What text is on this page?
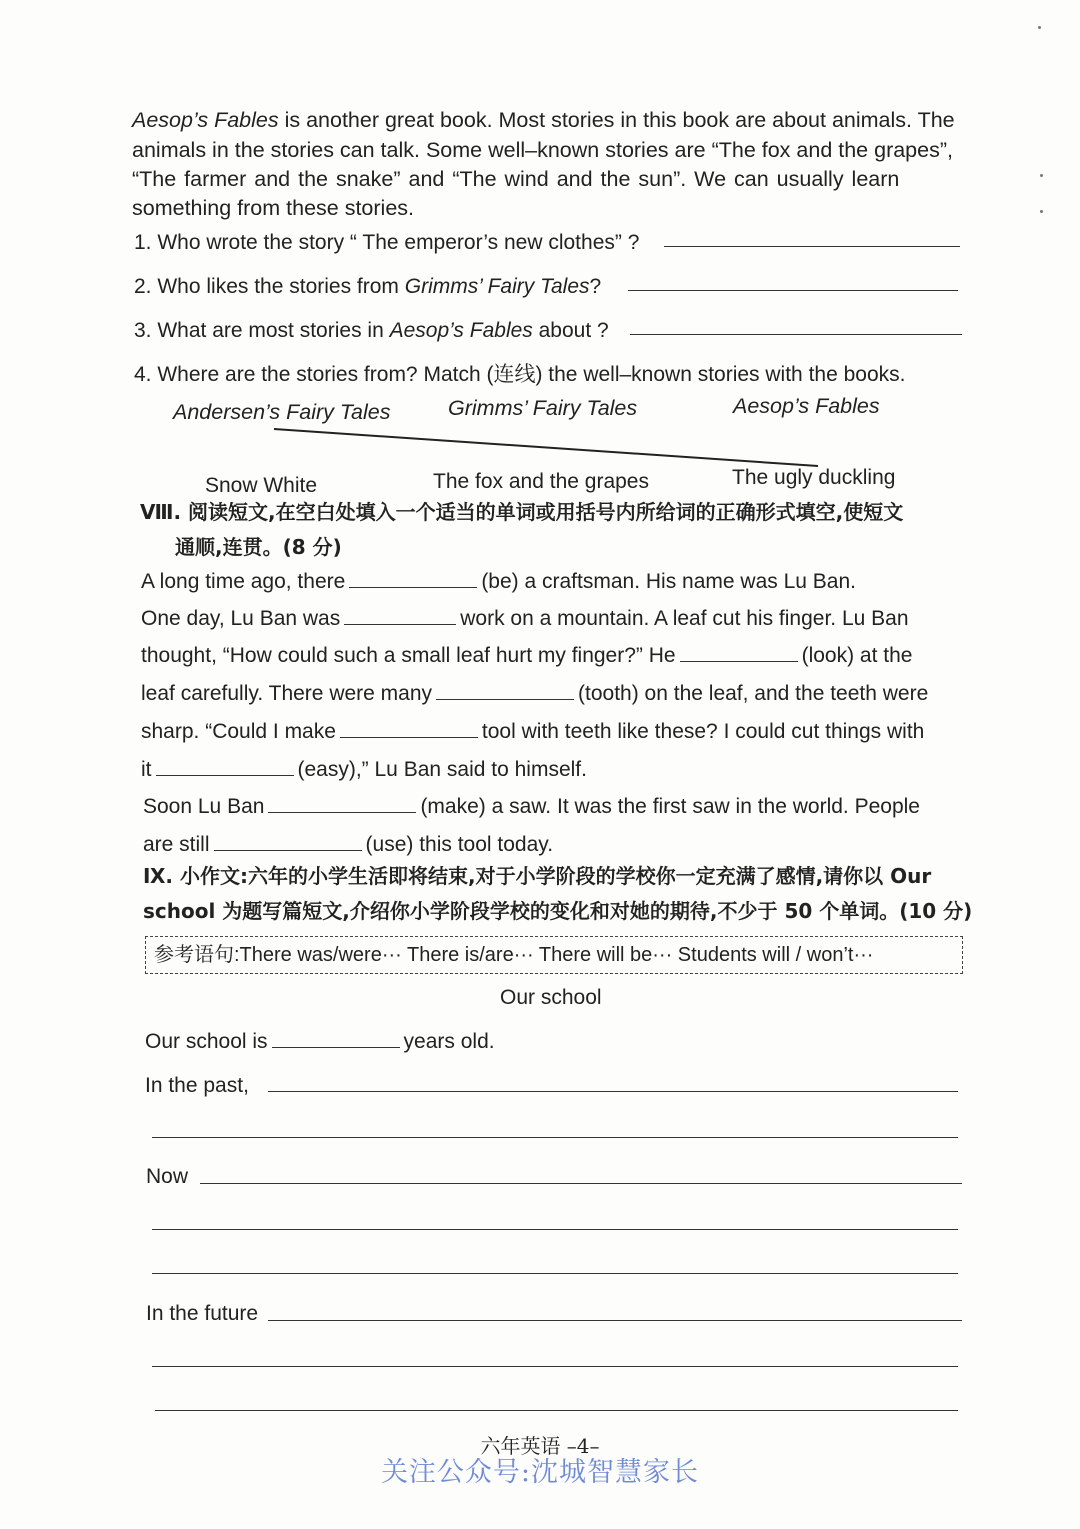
Aesop’s Fables is another great book. Most stories in this book are about animals. The
animals in the stories can talk. Some well–known stories are “The fox and the grapes”,
“The farmer and the snake” and “The wind and the sun”. We can usually learn
something from these stories.
1. Who wrote the story “ The emperor’s new clothes” ?
2. Who likes the stories from Grimms’ Fairy Tales?
3. What are most stories in Aesop’s Fables about ?
4. Where are the stories from? Match (连线) the well–known stories with the books.
Andersen’s Fairy Tales	Grimms’ Fairy Tales	Aesop’s Fables
Snow White	The fox and the grapes	The ugly duckling
Ⅷ. 阅读短文,在空白处填入一个适当的单词或用括号内所给词的正确形式填空,使短文
通顺,连贯。(8 分)
A long time ago, there	(be) a craftsman. His name was Lu Ban.
One day, Lu Ban was	work on a mountain. A leaf cut his finger. Lu Ban
thought, “How could such a small leaf hurt my finger?” He	(look) at the
leaf carefully. There were many	(tooth) on the leaf, and the teeth were
sharp. “Could I make	tool with teeth like these? I could cut things with
it	(easy),” Lu Ban said to himself.
Soon Lu Ban	(make) a saw. It was the first saw in the world. People
are still	(use) this tool today.
Ⅸ. 小作文:六年的小学生活即将结束,对于小学阶段的学校你一定充满了感情,请你以 Our
school 为题写篇短文,介绍你小学阶段学校的变化和对她的期待,不少于 50 个单词。(10 分)
参考语句:There was/were··· There is/are··· There will be··· Students will / won’t···
Our school
Our school is	years old.
In the past,
Now
In the future
六年英语 –4–
关注公众号:沈城智慧家长
